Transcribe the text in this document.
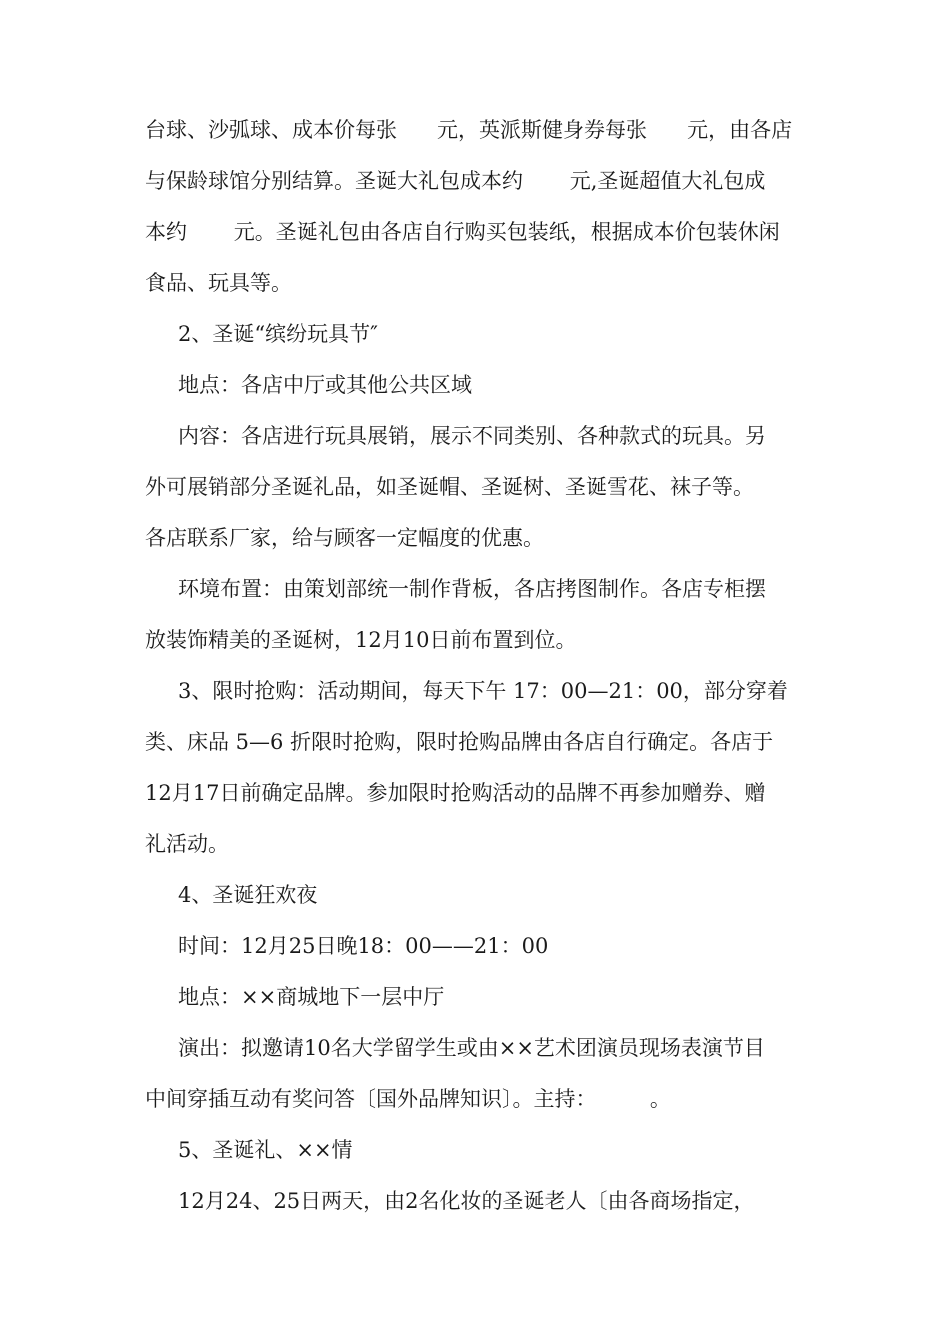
台球、沙弧球、成本价每张      元，英派斯健身券每张      元，由各店
与保龄球馆分别结算。圣诞大礼包成本约       元,圣诞超值大礼包成
本约       元。圣诞礼包由各店自行购买包装纸，根据成本价包装休闲
食品、玩具等。
2、圣诞“缤纷玩具节″
地点：各店中厅或其他公共区域
内容：各店进行玩具展销，展示不同类别、各种款式的玩具。另
外可展销部分圣诞礼品，如圣诞帽、圣诞树、圣诞雪花、袜子等。
各店联系厂家，给与顾客一定幅度的优惠。
环境布置：由策划部统一制作背板，各店拷图制作。各店专柜摆
放装饰精美的圣诞树，12月10日前布置到位。
3、限时抢购：活动期间，每天下午 17：00—21：00，部分穿着
类、床品 5—6 折限时抢购，限时抢购品牌由各店自行确定。各店于
12月17日前确定品牌。参加限时抢购活动的品牌不再参加赠券、赠
礼活动。
4、圣诞狂欢夜
时间：12月25日晚18：00——21：00
地点：××商城地下一层中厅
演出：拟邀请10名大学留学生或由××艺术团演员现场表演节目
中间穿插互动有奖问答〔国外品牌知识〕。主持：        。
5、圣诞礼、××情
12月24、25日两天，由2名化妆的圣诞老人〔由各商场指定，
